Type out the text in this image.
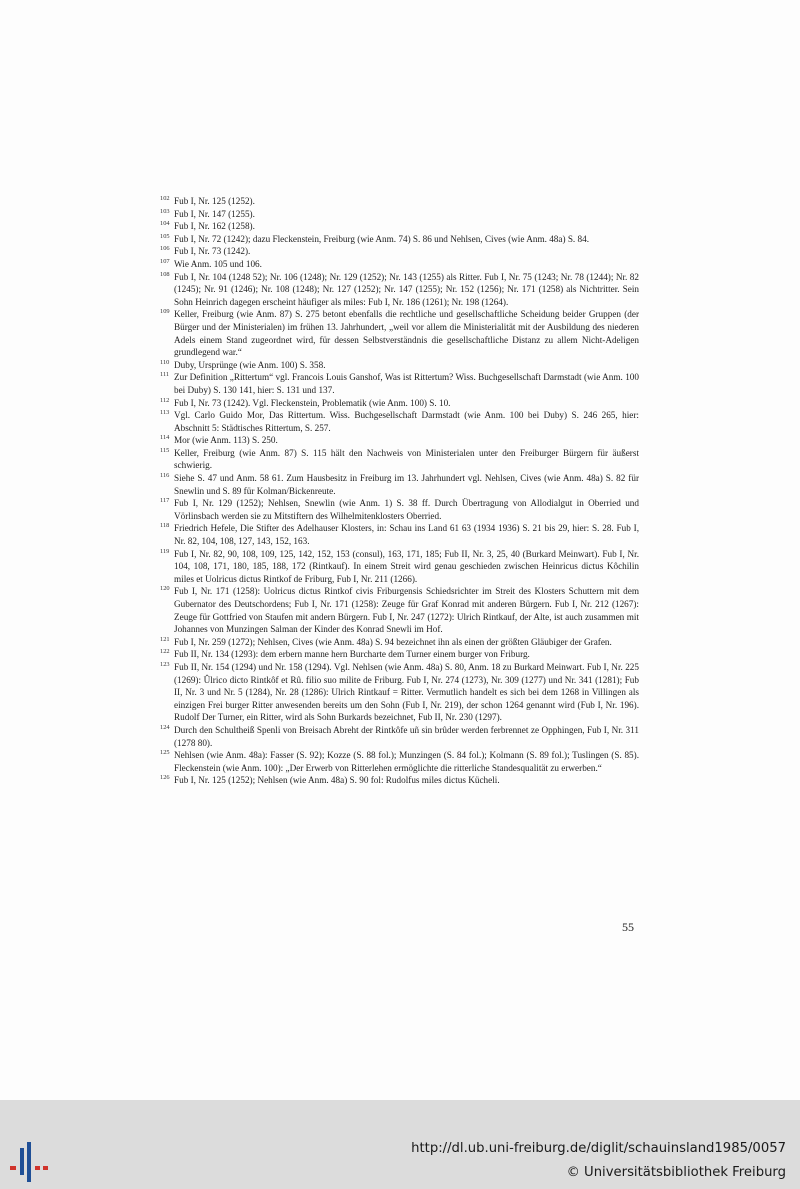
102 Fub I, Nr. 125 (1252).
103 Fub I, Nr. 147 (1255).
104 Fub I, Nr. 162 (1258).
105 Fub I, Nr. 72 (1242); dazu Fleckenstein, Freiburg (wie Anm. 74) S. 86 und Nehlsen, Cives (wie Anm. 48a) S. 84.
106 Fub I, Nr. 73 (1242).
107 Wie Anm. 105 und 106.
108 Fub I, Nr. 104 (1248 52); Nr. 106 (1248); Nr. 129 (1252); Nr. 143 (1255) als Ritter. Fub I, Nr. 75 (1243; Nr. 78 (1244); Nr. 82 (1245); Nr. 91 (1246); Nr. 108 (1248); Nr. 127 (1252); Nr. 147 (1255); Nr. 152 (1256); Nr. 171 (1258) als Nichtritter. Sein Sohn Heinrich dagegen erscheint häufiger als miles: Fub I, Nr. 186 (1261); Nr. 198 (1264).
109 Keller, Freiburg (wie Anm. 87) S. 275 betont ebenfalls die rechtliche und gesellschaftliche Scheidung beider Gruppen (der Bürger und der Ministerialen) im frühen 13. Jahrhundert, „weil vor allem die Ministerialität mit der Ausbildung des niederen Adels einem Stand zugeordnet wird, für dessen Selbstverständnis die gesellschaftliche Distanz zu allem Nicht-Adeligen grundlegend war.“
110 Duby, Ursprünge (wie Anm. 100) S. 358.
111 Zur Definition „Rittertum“ vgl. Francois Louis Ganshof, Was ist Rittertum? Wiss. Buchgesellschaft Darmstadt (wie Anm. 100 bei Duby) S. 130 141, hier: S. 131 und 137.
112 Fub I, Nr. 73 (1242). Vgl. Fleckenstein, Problematik (wie Anm. 100) S. 10.
113 Vgl. Carlo Guido Mor, Das Rittertum. Wiss. Buchgesellschaft Darmstadt (wie Anm. 100 bei Duby) S. 246 265, hier: Abschnitt 5: Städtisches Rittertum, S. 257.
114 Mor (wie Anm. 113) S. 250.
115 Keller, Freiburg (wie Anm. 87) S. 115 hält den Nachweis von Ministerialen unter den Freiburger Bürgern für äußerst schwierig.
116 Siehe S. 47 und Anm. 58 61. Zum Hausbesitz in Freiburg im 13. Jahrhundert vgl. Nehlsen, Cives (wie Anm. 48a) S. 82 für Snewlin und S. 89 für Kolman/Bickenreute.
117 Fub I, Nr. 129 (1252); Nehlsen, Snewlin (wie Anm. 1) S. 38 ff. Durch Übertragung von Allodialgut in Oberried und Vörlinsbach werden sie zu Mitstiftern des Wilhelmitenklosters Oberried.
118 Friedrich Hefele, Die Stifter des Adelhauser Klosters, in: Schau ins Land 61 63 (1934 1936) S. 21 bis 29, hier: S. 28. Fub I, Nr. 82, 104, 108, 127, 143, 152, 163.
119 Fub I, Nr. 82, 90, 108, 109, 125, 142, 152, 153 (consul), 163, 171, 185; Fub II, Nr. 3, 25, 40 (Burkard Meinwart). Fub I, Nr. 104, 108, 171, 180, 185, 188, 172 (Rintkauf). In einem Streit wird genau geschieden zwischen Heinricus dictus Kôchilin miles et Uolricus dictus Rintkof de Friburg, Fub I, Nr. 211 (1266).
120 Fub I, Nr. 171 (1258): Uolricus dictus Rintkof civis Friburgensis Schiedsrichter im Streit des Klosters Schuttern mit dem Gubernator des Deutschordens; Fub I, Nr. 171 (1258): Zeuge für Graf Konrad mit anderen Bürgern. Fub I, Nr. 212 (1267): Zeuge für Gottfried von Staufen mit andern Bürgern. Fub I, Nr. 247 (1272): Ulrich Rintkauf, der Alte, ist auch zusammen mit Johannes von Munzingen Salman der Kinder des Konrad Snewli im Hof.
121 Fub I, Nr. 259 (1272); Nehlsen, Cives (wie Anm. 48a) S. 94 bezeichnet ihn als einen der größten Gläubiger der Grafen.
122 Fub II, Nr. 134 (1293): dem erbern manne hern Burcharte dem Turner einem burger von Friburg.
123 Fub II, Nr. 154 (1294) und Nr. 158 (1294). Vgl. Nehlsen (wie Anm. 48a) S. 80, Anm. 18 zu Burkard Meinwart. Fub I, Nr. 225 (1269): Ûlrico dicto Rintkôf et Rû. filio suo milite de Friburg. Fub I, Nr. 274 (1273), Nr. 309 (1277) und Nr. 341 (1281); Fub II, Nr. 3 und Nr. 5 (1284), Nr. 28 (1286): Ulrich Rintkauf = Ritter. Vermutlich handelt es sich bei dem 1268 in Villingen als einzigen Frei burger Ritter anwesenden bereits um den Sohn (Fub I, Nr. 219), der schon 1264 genannt wird (Fub I, Nr. 196). Rudolf Der Turner, ein Ritter, wird als Sohn Burkards bezeichnet, Fub II, Nr. 230 (1297).
124 Durch den Schultheiß Spenli von Breisach Abreht der Rintkôfe uñ sin brûder werden ferbrennet ze Opphingen, Fub I, Nr. 311 (1278 80).
125 Nehlsen (wie Anm. 48a): Fasser (S. 92); Kozze (S. 88 fol.); Munzingen (S. 84 fol.); Kolmann (S. 89 fol.); Tuslingen (S. 85). Fleckenstein (wie Anm. 100): „Der Erwerb von Ritterlehen ermöglichte die ritterliche Standesqualität zu erwerben.“
126 Fub I, Nr. 125 (1252); Nehlsen (wie Anm. 48a) S. 90 fol: Rudolfus miles dictus Kücheli.
55
http://dl.ub.uni-freiburg.de/diglit/schauinsland1985/0057
© Universitätsbibliothek Freiburg
